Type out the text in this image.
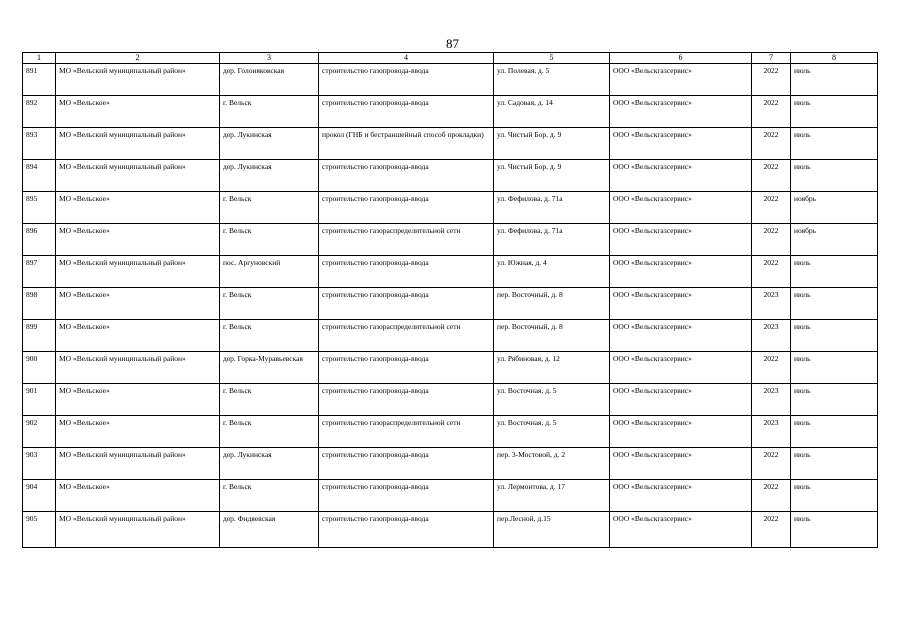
87
1	2	3	4	5	6	7	8
891	МО «Вельский муниципальный район»	дер. Голоняковская	строительство газопровода-ввода	ул. Полевая, д. 5	ООО «Вельскгазсервис»	2022	июль
892	МО «Вельское»	г. Вельск	строительство газопровода-ввода	ул. Садовая, д. 14	ООО «Вельскгазсервис»	2022	июль
893	МО «Вельский муниципальный район»	дер. Лукинская	прокол (ГНБ и бестраншейный способ прокладки)	ул. Чистый Бор, д. 9	ООО «Вельскгазсервис»	2022	июль
894	МО «Вельский муниципальный район»	дер. Лукинская	строительство газопровода-ввода	ул. Чистый Бор, д. 9	ООО «Вельскгазсервис»	2022	июль
895	МО «Вельское»	г. Вельск	строительство газопровода-ввода	ул. Фефилова, д. 71а	ООО «Вельскгазсервис»	2022	ноябрь
896	МО «Вельское»	г. Вельск	строительство газораспределительной сети	ул. Фефилова, д. 71а	ООО «Вельскгазсервис»	2022	ноябрь
897	МО «Вельский муниципальный район»	пос. Аргуновский	строительство газопровода-ввода	ул. Южная, д. 4	ООО «Вельскгазсервис»	2022	июль
898	МО «Вельское»	г. Вельск	строительство газопровода-ввода	пер. Восточный, д. 8	ООО «Вельскгазсервис»	2023	июль
899	МО «Вельское»	г. Вельск	строительство газораспределительной сети	пер. Восточный, д. 8	ООО «Вельскгазсервис»	2023	июль
900	МО «Вельский муниципальный район»	дер. Горка-Муравьевская	строительство газопровода-ввода	ул. Рябиновая, д. 12	ООО «Вельскгазсервис»	2022	июль
901	МО «Вельское»	г. Вельск	строительство газопровода-ввода	ул. Восточная, д. 5	ООО «Вельскгазсервис»	2023	июль
902	МО «Вельское»	г. Вельск	строительство газораспределительной сети	ул. Восточная, д. 5	ООО «Вельскгазсервис»	2023	июль
903	МО «Вельский муниципальный район»	дер. Лукинская	строительство газопровода-ввода	пер. 3-Мостовой, д. 2	ООО «Вельскгазсервис»	2022	июль
904	МО «Вельское»	г. Вельск	строительство газопровода-ввода	ул. Лермонтова, д. 17	ООО «Вельскгазсервис»	2022	июль
905	МО «Вельский муниципальный район»	дер. Фидяевская	строительство газопровода-ввода	пер.Лесной, д.15	ООО «Вельскгазсервис»	2022	июль
